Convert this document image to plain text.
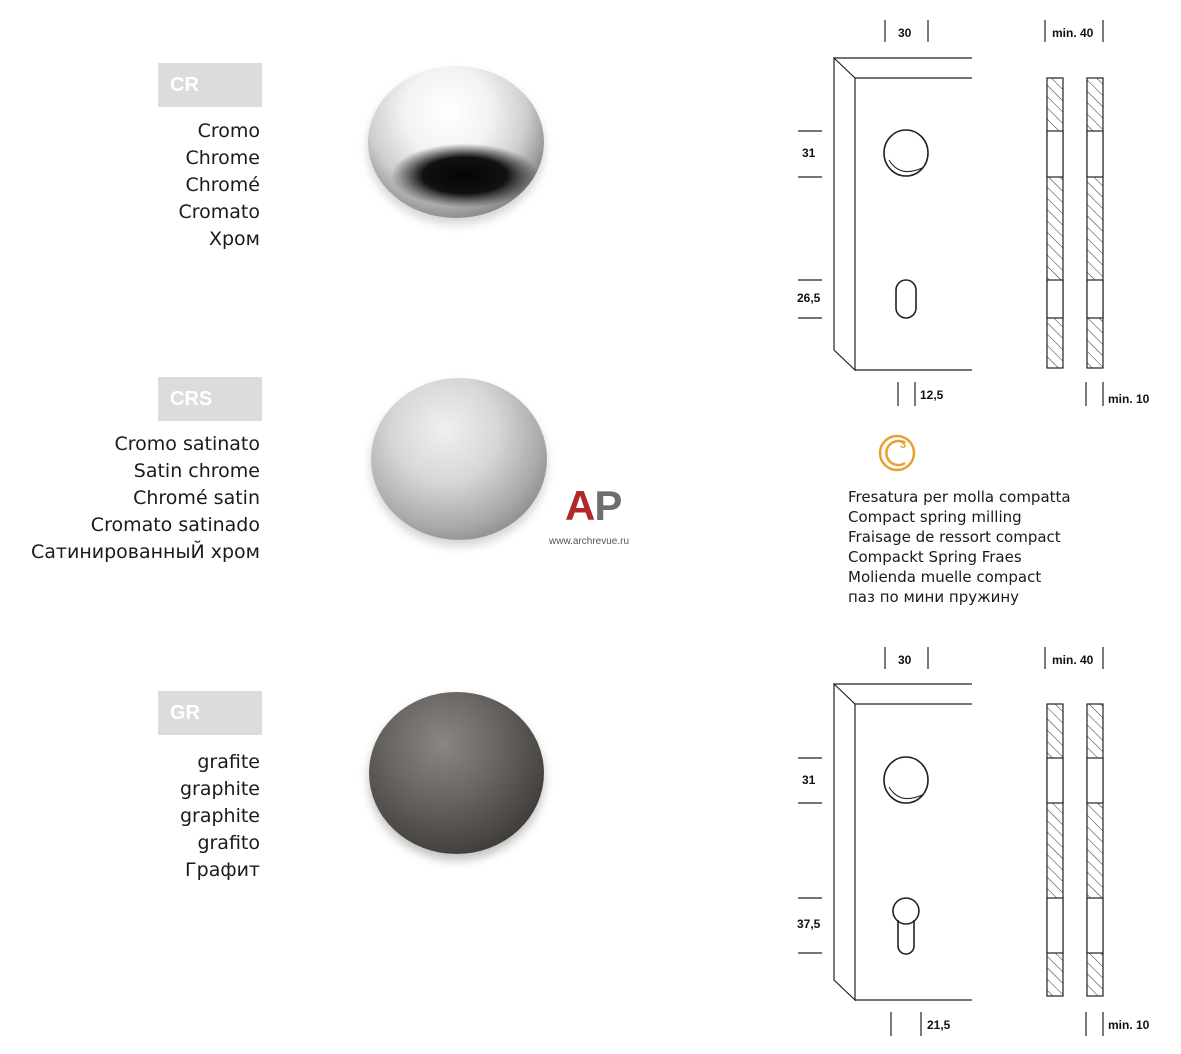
CR
Cromo
Chrome
Chromé
Cromato
Хром
CRS
Cromo satinato
Satin chrome
Chromé satin
Cromato satinado
СатинированныЙ хром
GR
grafite
graphite
graphite
grafito
Графит
AP
www.archrevue.ru
30	min. 40
31
26,5
12,5	min. 10
3
Fresatura per molla compatta
Compact spring milling
Fraisage de ressort compact
Compackt Spring Fraes
Molienda muelle compact
паз по мини пружину
30	min. 40
31
37,5
21,5	min. 10
